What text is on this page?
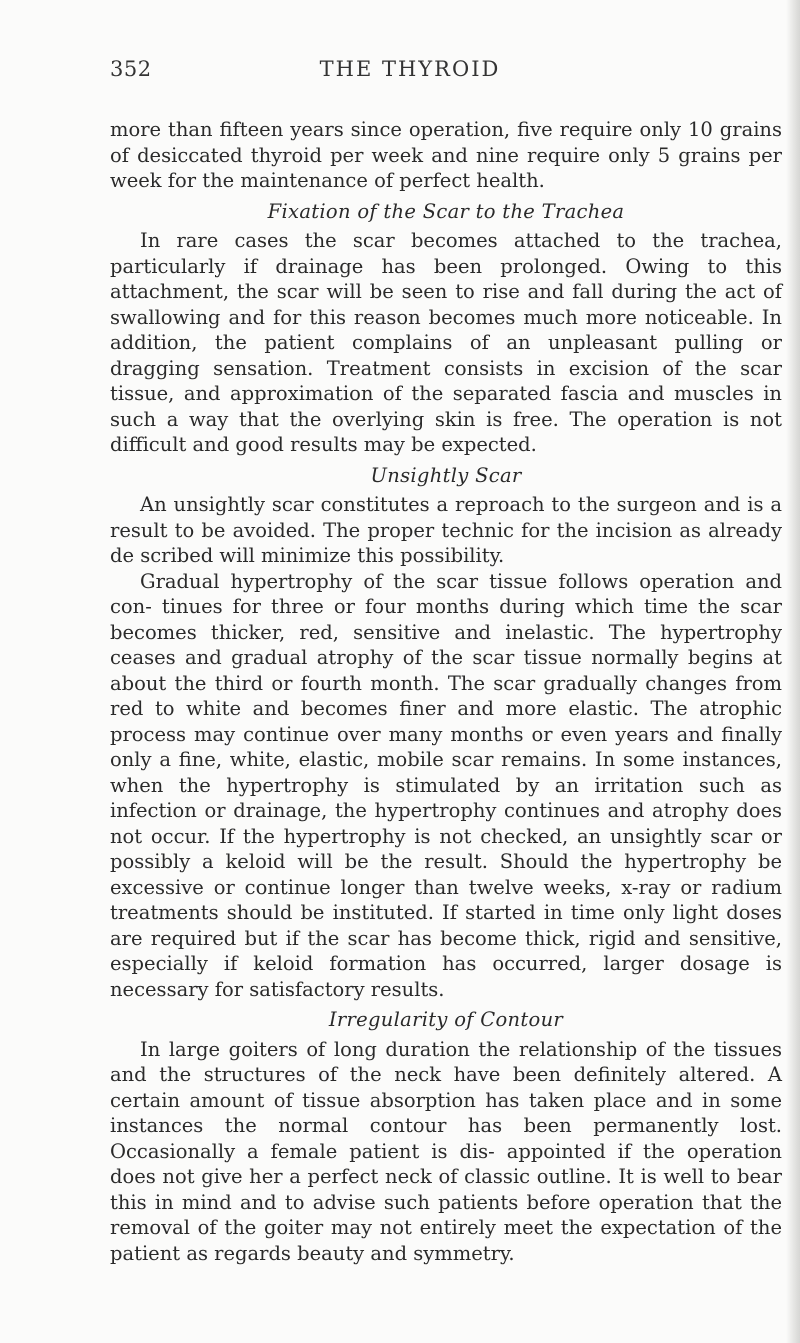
352	THE THYROID

more than fifteen years since operation, five require only 10 grains of desiccated thyroid per week and nine require only 5 grains per week for the maintenance of perfect health.

Fixation of the Scar to the Trachea

In rare cases the scar becomes attached to the trachea, particularly if drainage has been prolonged. Owing to this attachment, the scar will be seen to rise and fall during the act of swallowing and for this reason becomes much more noticeable. In addition, the patient complains of an unpleasant pulling or dragging sensation. Treatment consists in excision of the scar tissue, and approximation of the separated fascia and muscles in such a way that the overlying skin is free. The operation is not difficult and good results may be expected.

Unsightly Scar

An unsightly scar constitutes a reproach to the surgeon and is a result to be avoided. The proper technic for the incision as already de scribed will minimize this possibility.

Gradual hypertrophy of the scar tissue follows operation and con- tinues for three or four months during which time the scar becomes thicker, red, sensitive and inelastic. The hypertrophy ceases and gradual atrophy of the scar tissue normally begins at about the third or fourth month. The scar gradually changes from red to white and becomes finer and more elastic. The atrophic process may continue over many months or even years and finally only a fine, white, elastic, mobile scar remains. In some instances, when the hypertrophy is stimulated by an irritation such as infection or drainage, the hypertrophy continues and atrophy does not occur. If the hypertrophy is not checked, an unsightly scar or possibly a keloid will be the result. Should the hypertrophy be excessive or continue longer than twelve weeks, x-ray or radium treatments should be instituted. If started in time only light doses are required but if the scar has become thick, rigid and sensitive, especially if keloid formation has occurred, larger dosage is necessary for satisfactory results.

Irregularity of Contour

In large goiters of long duration the relationship of the tissues and the structures of the neck have been definitely altered. A certain amount of tissue absorption has taken place and in some instances the normal contour has been permanently lost. Occasionally a female patient is dis- appointed if the operation does not give her a perfect neck of classic outline. It is well to bear this in mind and to advise such patients before operation that the removal of the goiter may not entirely meet the expectation of the patient as regards beauty and symmetry.
